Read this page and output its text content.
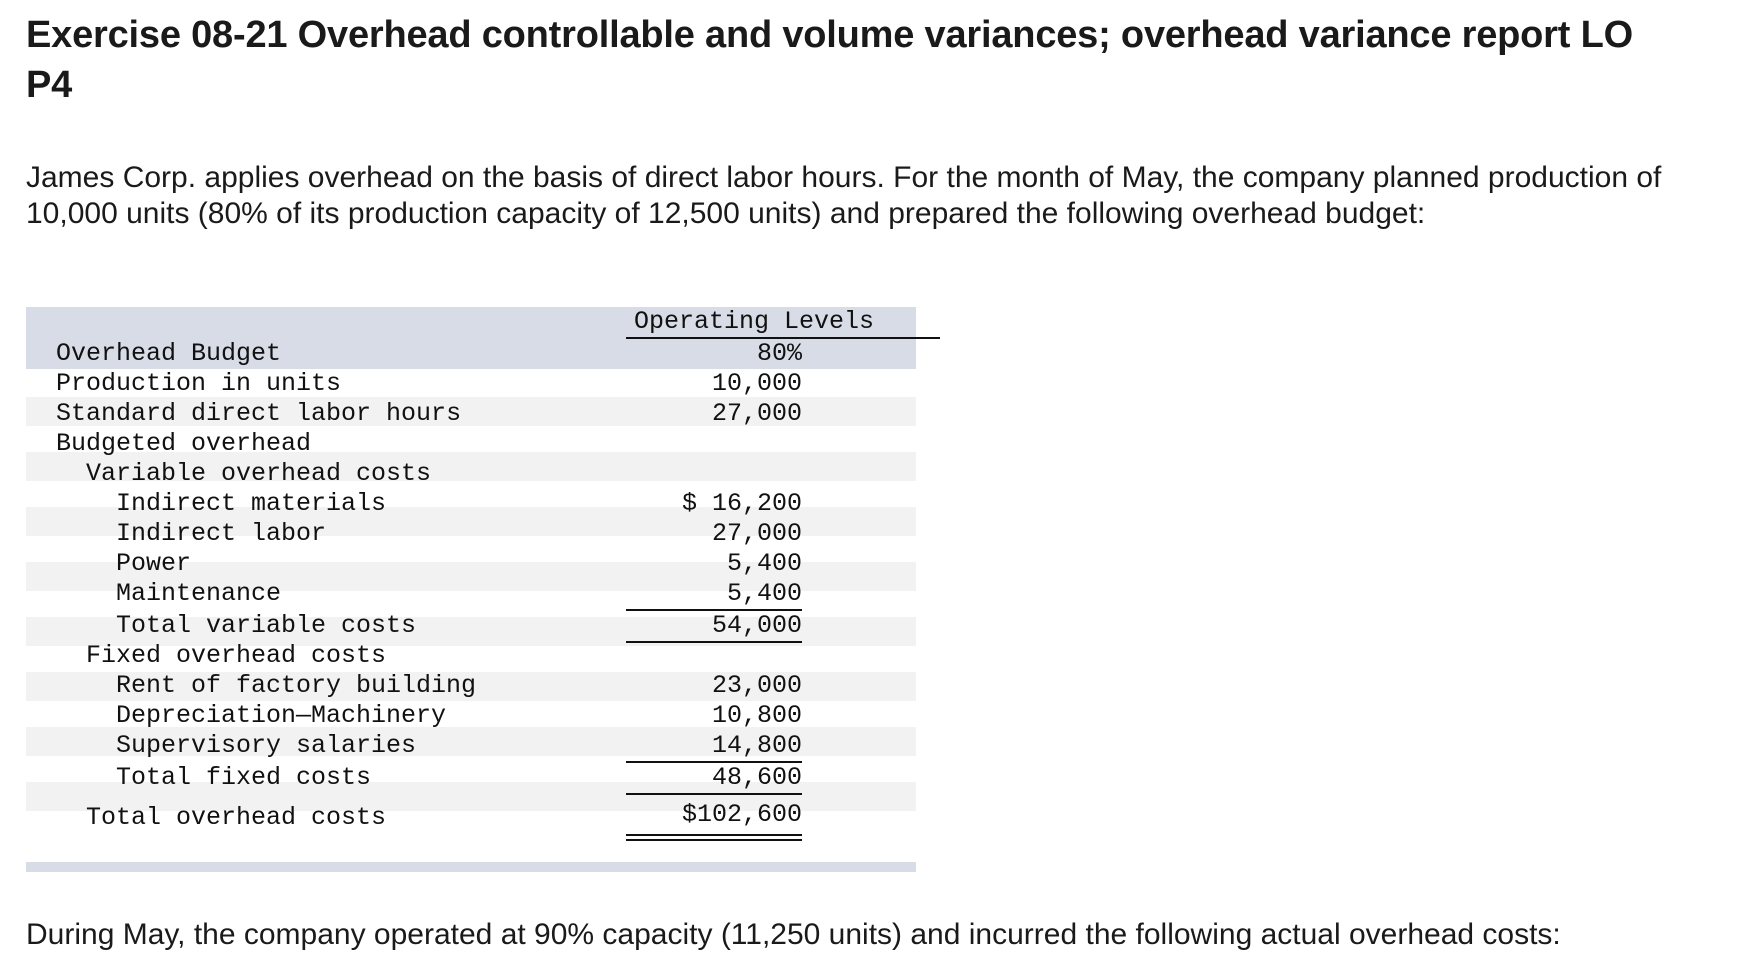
Exercise 08-21 Overhead controllable and volume variances; overhead variance report LO P4

James Corp. applies overhead on the basis of direct labor hours. For the month of May, the company planned production of 10,000 units (80% of its production capacity of 12,500 units) and prepared the following overhead budget:

Operating Levels
80%
Overhead Budget
Production in units	10,000
Standard direct labor hours	27,000
Budgeted overhead
Variable overhead costs
Indirect materials	$ 16,200
Indirect labor	27,000
Power	5,400
Maintenance	5,400
Total variable costs	54,000
Fixed overhead costs
Rent of factory building	23,000
Depreciation—Machinery	10,800
Supervisory salaries	14,800
Total fixed costs	48,600
Total overhead costs	$102,600

During May, the company operated at 90% capacity (11,250 units) and incurred the following actual overhead costs:
